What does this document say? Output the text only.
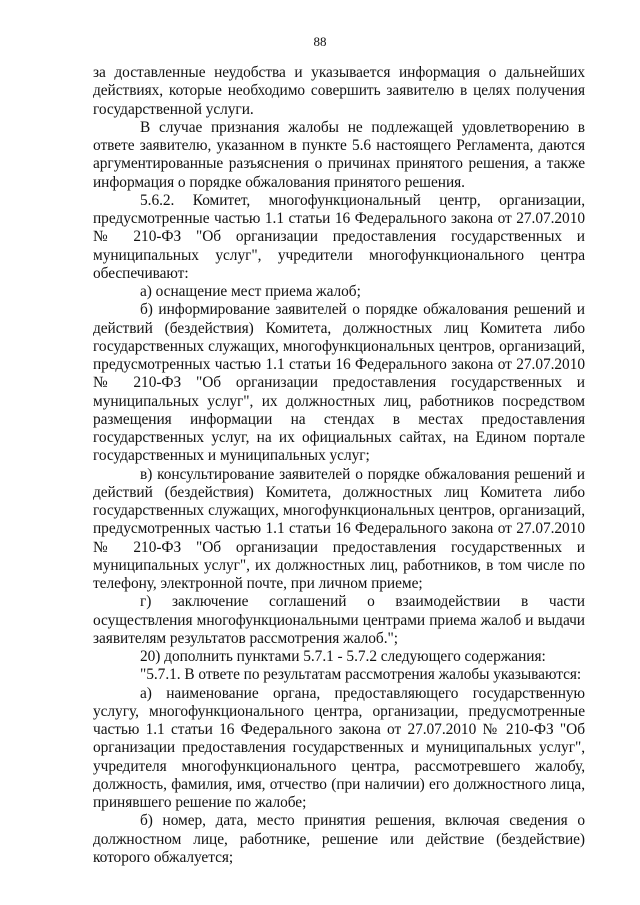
88

за доставленные неудобства и указывается информация о дальнейших действиях, которые необходимо совершить заявителю в целях получения государственной услуги.

В случае признания жалобы не подлежащей удовлетворению в ответе заявителю, указанном в пункте 5.6 настоящего Регламента, даются аргументированные разъяснения о причинах принятого решения, а также информация о порядке обжалования принятого решения.

5.6.2. Комитет, многофункциональный центр, организации, предусмотренные частью 1.1 статьи 16 Федерального закона от 27.07.2010 № 210-ФЗ "Об организации предоставления государственных и муниципальных услуг", учредители многофункционального центра обеспечивают:

а) оснащение мест приема жалоб;

б) информирование заявителей о порядке обжалования решений и действий (бездействия) Комитета, должностных лиц Комитета либо государственных служащих, многофункциональных центров, организаций, предусмотренных частью 1.1 статьи 16 Федерального закона от 27.07.2010 № 210-ФЗ "Об организации предоставления государственных и муниципальных услуг", их должностных лиц, работников посредством размещения информации на стендах в местах предоставления государственных услуг, на их официальных сайтах, на Едином портале государственных и муниципальных услуг;

в) консультирование заявителей о порядке обжалования решений и действий (бездействия) Комитета, должностных лиц Комитета либо государственных служащих, многофункциональных центров, организаций, предусмотренных частью 1.1 статьи 16 Федерального закона от 27.07.2010 № 210-ФЗ "Об организации предоставления государственных и муниципальных услуг", их должностных лиц, работников, в том числе по телефону, электронной почте, при личном приеме;

г) заключение соглашений о взаимодействии в части осуществления многофункциональными центрами приема жалоб и выдачи заявителям результатов рассмотрения жалоб.";

20) дополнить пунктами 5.7.1 - 5.7.2 следующего содержания:

"5.7.1. В ответе по результатам рассмотрения жалобы указываются:

а) наименование органа, предоставляющего государственную услугу, многофункционального центра, организации, предусмотренные частью 1.1 статьи 16 Федерального закона от 27.07.2010 № 210-ФЗ "Об организации предоставления государственных и муниципальных услуг", учредителя многофункционального центра, рассмотревшего жалобу, должность, фамилия, имя, отчество (при наличии) его должностного лица, принявшего решение по жалобе;

б) номер, дата, место принятия решения, включая сведения о должностном лице, работнике, решение или действие (бездействие) которого обжалуется;
